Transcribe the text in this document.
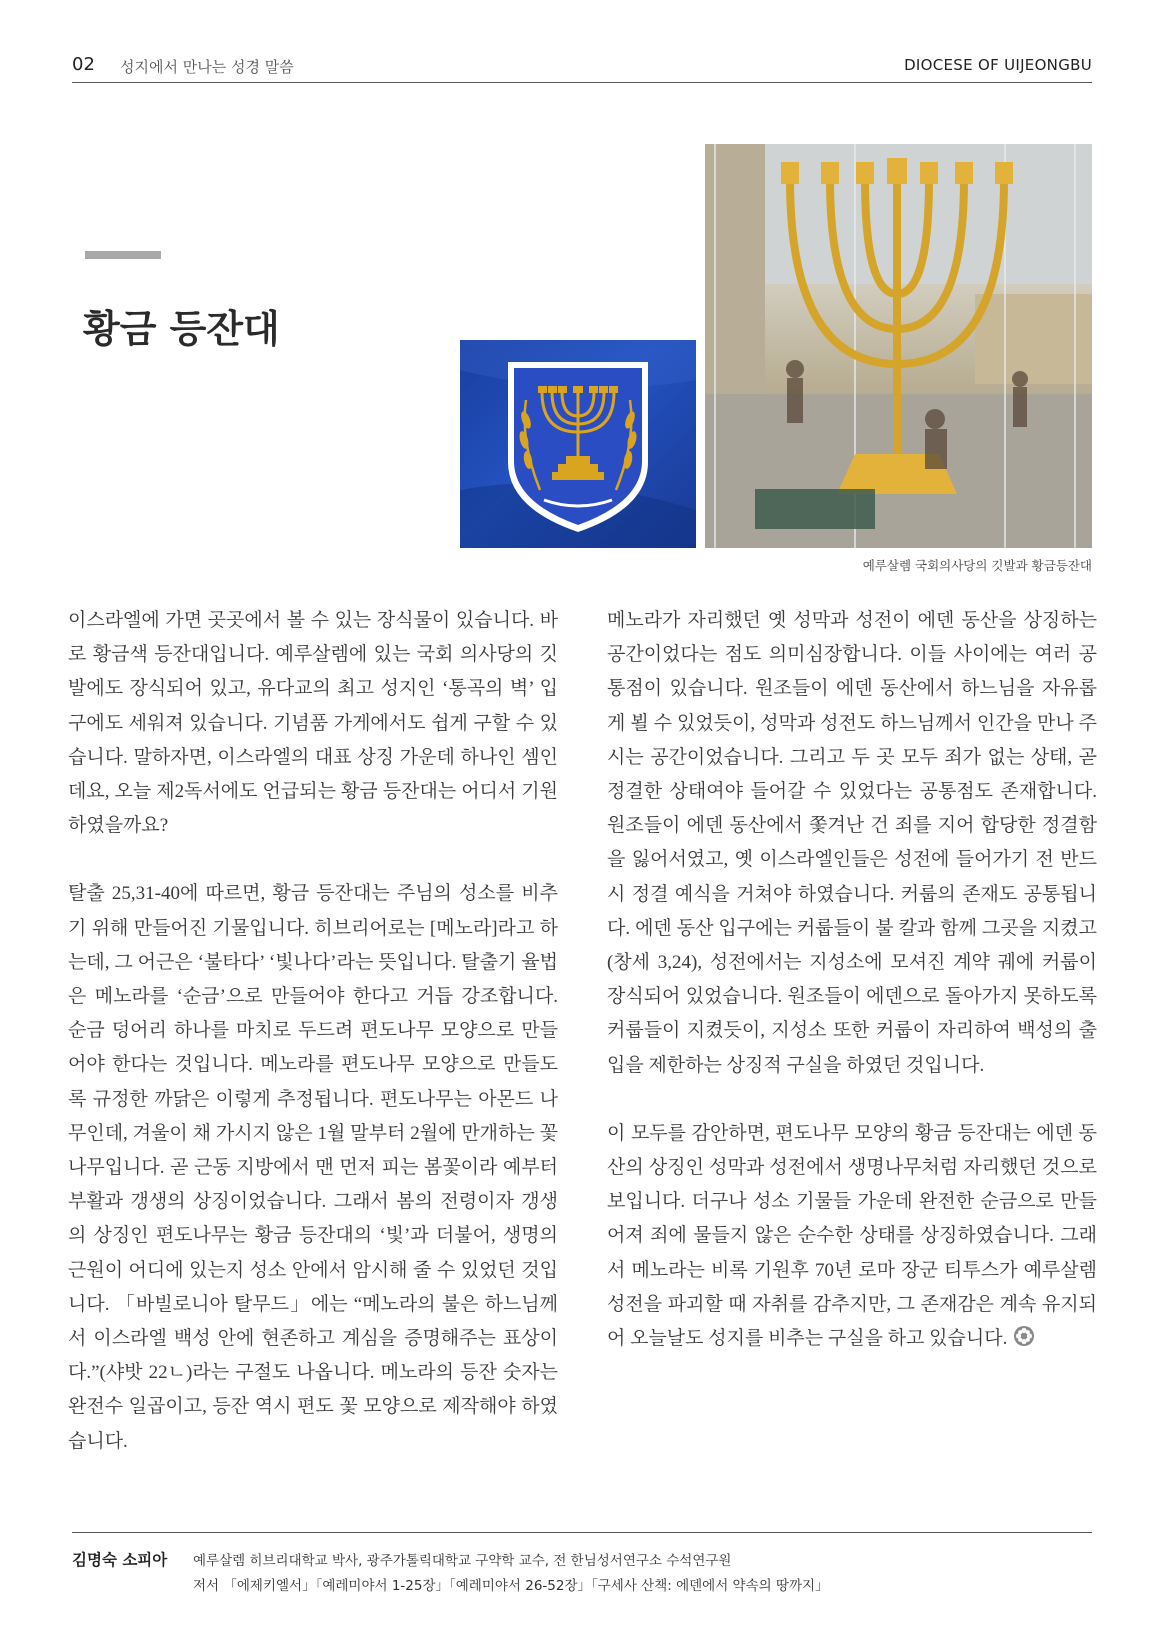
02 성지에서 만나는 성경 말씀	DIOCESE OF UIJEONGBU
황금 등잔대

예루살렘 국회의사당의 깃발과 황금등잔대

이스라엘에 가면 곳곳에서 볼 수 있는 장식물이 있습니다. 바로 황금색 등잔대입니다. 예루살렘에 있는 국회 의사당의 깃발에도 장식되어 있고, 유다교의 최고 성지인 ‘통곡의 벽’ 입구에도 세워져 있습니다. 기념품 가게에서도 쉽게 구할 수 있습니다. 말하자면, 이스라엘의 대표 상징 가운데 하나인 셈인데요, 오늘 제2독서에도 언급되는 황금 등잔대는 어디서 기원하였을까요?

탈출 25,31-40에 따르면, 황금 등잔대는 주님의 성소를 비추기 위해 만들어진 기물입니다. 히브리어로는 [메노라]라고 하는데, 그 어근은 ‘불타다’ ‘빛나다’라는 뜻입니다. 탈출기 율법은 메노라를 ‘순금’으로 만들어야 한다고 거듭 강조합니다. 순금 덩어리 하나를 마치로 두드려 편도나무 모양으로 만들어야 한다는 것입니다. 메노라를 편도나무 모양으로 만들도록 규정한 까닭은 이렇게 추정됩니다. 편도나무는 아몬드 나무인데, 겨울이 채 가시지 않은 1월 말부터 2월에 만개하는 꽃나무입니다. 곧 근동 지방에서 맨 먼저 피는 봄꽃이라 예부터 부활과 갱생의 상징이었습니다. 그래서 봄의 전령이자 갱생의 상징인 편도나무는 황금 등잔대의 ‘빛’과 더불어, 생명의 근원이 어디에 있는지 성소 안에서 암시해 줄 수 있었던 것입니다. 「바빌로니아 탈무드」에는 “메노라의 불은 하느님께서 이스라엘 백성 안에 현존하고 계심을 증명해주는 표상이다.”(샤밧 22ㄴ)라는 구절도 나옵니다. 메노라의 등잔 숫자는 완전수 일곱이고, 등잔 역시 편도 꽃 모양으로 제작해야 하였습니다.

메노라가 자리했던 옛 성막과 성전이 에덴 동산을 상징하는 공간이었다는 점도 의미심장합니다. 이들 사이에는 여러 공통점이 있습니다. 원조들이 에덴 동산에서 하느님을 자유롭게 뵐 수 있었듯이, 성막과 성전도 하느님께서 인간을 만나 주시는 공간이었습니다. 그리고 두 곳 모두 죄가 없는 상태, 곧 정결한 상태여야 들어갈 수 있었다는 공통점도 존재합니다. 원조들이 에덴 동산에서 쫓겨난 건 죄를 지어 합당한 정결함을 잃어서였고, 옛 이스라엘인들은 성전에 들어가기 전 반드시 정결 예식을 거쳐야 하였습니다. 커룹의 존재도 공통됩니다. 에덴 동산 입구에는 커룹들이 불 칼과 함께 그곳을 지켰고(창세 3,24), 성전에서는 지성소에 모셔진 계약 궤에 커룹이 장식되어 있었습니다. 원조들이 에덴으로 돌아가지 못하도록 커룹들이 지켰듯이, 지성소 또한 커룹이 자리하여 백성의 출입을 제한하는 상징적 구실을 하였던 것입니다.

이 모두를 감안하면, 편도나무 모양의 황금 등잔대는 에덴 동산의 상징인 성막과 성전에서 생명나무처럼 자리했던 것으로 보입니다. 더구나 성소 기물들 가운데 완전한 순금으로 만들어져 죄에 물들지 않은 순수한 상태를 상징하였습니다. 그래서 메노라는 비록 기원후 70년 로마 장군 티투스가 예루살렘 성전을 파괴할 때 자취를 감추지만, 그 존재감은 계속 유지되어 오늘날도 성지를 비추는 구실을 하고 있습니다.

김명숙 소피아 예루살렘 히브리대학교 박사, 광주가톨릭대학교 구약학 교수, 전 한님성서연구소 수석연구원
저서 「에제키엘서」「예레미야서 1-25장」「예레미야서 26-52장」「구세사 산책: 에덴에서 약속의 땅까지」
